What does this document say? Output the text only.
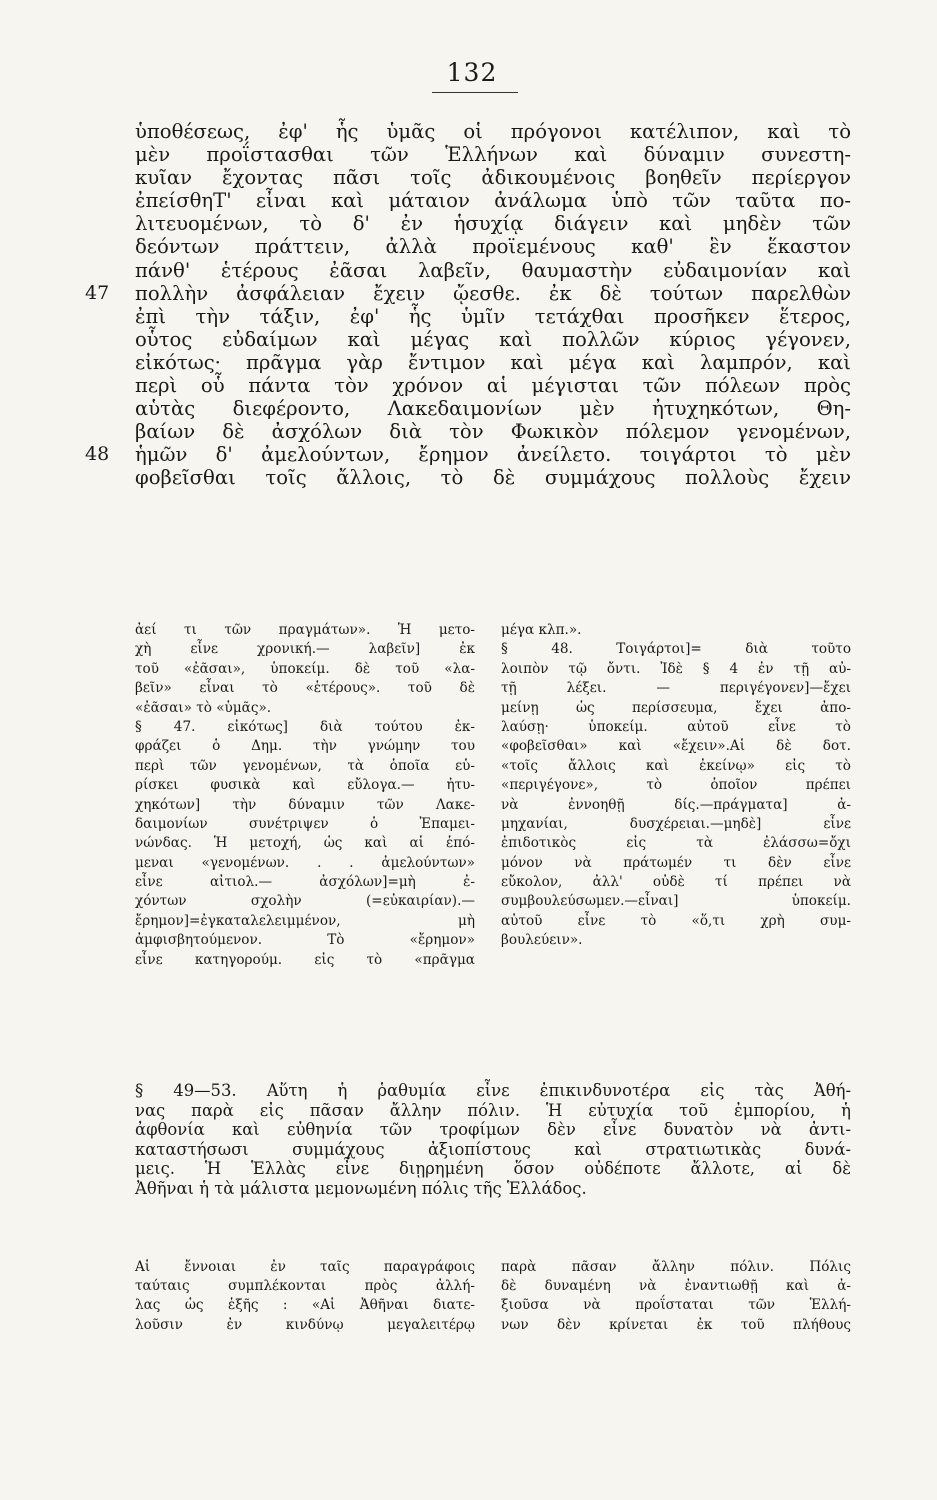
132
ὑποθέσεως, ἐφ' ἧς ὑμᾶς οἱ πρόγονοι κατέλιπον, καὶ τὸ
μὲν προΐστασθαι τῶν Ἑλλήνων καὶ δύναμιν συνεστη-
κυῖαν ἔχοντας πᾶσι τοῖς ἀδικουμένοις βοηθεῖν περίεργον
ἐπείσθηΤ' εἶναι καὶ μάταιον ἀνάλωμα ὑπὸ τῶν ταῦτα πο-
λιτευομένων, τὸ δ' ἐν ἡσυχίᾳ διάγειν καὶ μηδὲν τῶν
δεόντων πράττειν, ἀλλὰ προϊεμένους καθ' ἓν ἕκαστον
πάνθ' ἑτέρους ἐᾶσαι λαβεῖν, θαυμαστὴν εὐδαιμονίαν καὶ
47	πολλὴν ἀσφάλειαν ἔχειν ᾤεσθε. ἐκ δὲ τούτων παρελθὼν
ἐπὶ τὴν τάξιν, ἐφ' ἧς ὑμῖν τετάχθαι προσῆκεν ἕτερος,
οὗτος εὐδαίμων καὶ μέγας καὶ πολλῶν κύριος γέγονεν,
εἰκότως· πρᾶγμα γὰρ ἔντιμον καὶ μέγα καὶ λαμπρόν, καὶ
περὶ οὗ πάντα τὸν χρόνον αἱ μέγισται τῶν πόλεων πρὸς
αὑτὰς διεφέροντο, Λακεδαιμονίων μὲν ἠτυχηκότων, Θη-
βαίων δὲ ἀσχόλων διὰ τὸν Φωκικὸν πόλεμον γενομένων,
48	ἡμῶν δ' ἀμελούντων, ἔρημον ἀνείλετο. τοιγάρτοι τὸ μὲν
φοβεῖσθαι τοῖς ἄλλοις, τὸ δὲ συμμάχους πολλοὺς ἔχειν
ἀεί τι τῶν πραγμάτων». Ἡ μετο-
χὴ εἶνε χρονική.— λαβεῖν] ἐκ
τοῦ «ἐᾶσαι», ὑποκείμ. δὲ τοῦ «λα-
βεῖν» εἶναι τὸ «ἑτέρους». τοῦ δὲ
«ἐᾶσαι» τὸ «ὑμᾶς».
§ 47. εἰκότως] διὰ τούτου ἐκ-
φράζει ὁ Δημ. τὴν γνώμην του
περὶ τῶν γενομένων, τὰ ὁποῖα εὑ-
ρίσκει φυσικὰ καὶ εὔλογα.— ἠτυ-
χηκότων] τὴν δύναμιν τῶν Λακε-
δαιμονίων συνέτριψεν ὁ Ἐπαμει-
νώνδας. Ἡ μετοχή, ὡς καὶ αἱ ἑπό-
μεναι «γενομένων. . . ἀμελούντων»
εἶνε αἰτιολ.— ἀσχόλων]=μὴ ἐ-
χόντων σχολὴν (=εὐκαιρίαν).—
ἔρημον]=ἐγκαταλελειμμένον, μὴ
ἀμφισβητούμενον. Τὸ «ἔρημον»
εἶνε κατηγορούμ. εἰς τὸ «πρᾶγμα
μέγα κλπ.».
§ 48. Τοιγάρτοι]= διὰ τοῦτο
λοιπὸν τῷ ὄντι. Ἰδὲ § 4 ἐν τῇ αὐ-
τῇ λέξει. — περιγέγονεν]—ἔχει
μείνῃ ὡς περίσσευμα, ἔχει ἀπο-
λαύσῃ· ὑποκείμ. αὐτοῦ εἶνε τὸ
«φοβεῖσθαι» καὶ «ἔχειν».Αἱ δὲ δοτ.
«τοῖς ἄλλοις καὶ ἐκείνῳ» εἰς τὸ
«περιγέγονε», τὸ ὁποῖον πρέπει
νὰ ἐννοηθῇ δίς.—πράγματα] ἀ-
μηχανίαι, δυσχέρειαι.—μηδὲ] εἶνε
ἐπιδοτικὸς εἰς τὰ ἐλάσσω=ὄχι
μόνον νὰ πράτωμέν τι δὲν εἶνε
εὔκολον, ἀλλ' οὐδὲ τί πρέπει νὰ
συμβουλεύσωμεν.—εἶναι] ὑποκείμ.
αὐτοῦ εἶνε τὸ «ὅ,τι χρὴ συμ-
βουλεύειν».
§ 49—53. Αὕτη ἡ ῥαθυμία εἶνε ἐπικινδυνοτέρα εἰς τὰς Ἀθή-
νας παρὰ εἰς πᾶσαν ἄλλην πόλιν. Ἡ εὐτυχία τοῦ ἐμπορίου, ἡ
ἀφθονία καὶ εὐθηνία τῶν τροφίμων δὲν εἶνε δυνατὸν νὰ ἀντι-
καταστήσωσι συμμάχους ἀξιοπίστους καὶ στρατιωτικὰς δυνά-
μεις. Ἡ Ἑλλὰς εἶνε διῃρημένη ὅσον οὐδέποτε ἄλλοτε, αἱ δὲ
Ἀθῆναι ἡ τὰ μάλιστα μεμονωμένη πόλις τῆς Ἑλλάδος.
Αἱ ἔννοιαι ἐν ταῖς παραγράφοις
ταύταις συμπλέκονται πρὸς ἀλλή-
λας ὡς ἑξῆς : «Αἱ Ἀθῆναι διατε-
λοῦσιν ἐν κινδύνῳ μεγαλειτέρῳ
παρὰ πᾶσαν ἄλλην πόλιν. Πόλις
δὲ δυναμένη νὰ ἐναντιωθῇ καὶ ἀ-
ξιοῦσα νὰ προΐσταται τῶν Ἑλλή-
νων δὲν κρίνεται ἐκ τοῦ πλήθους
